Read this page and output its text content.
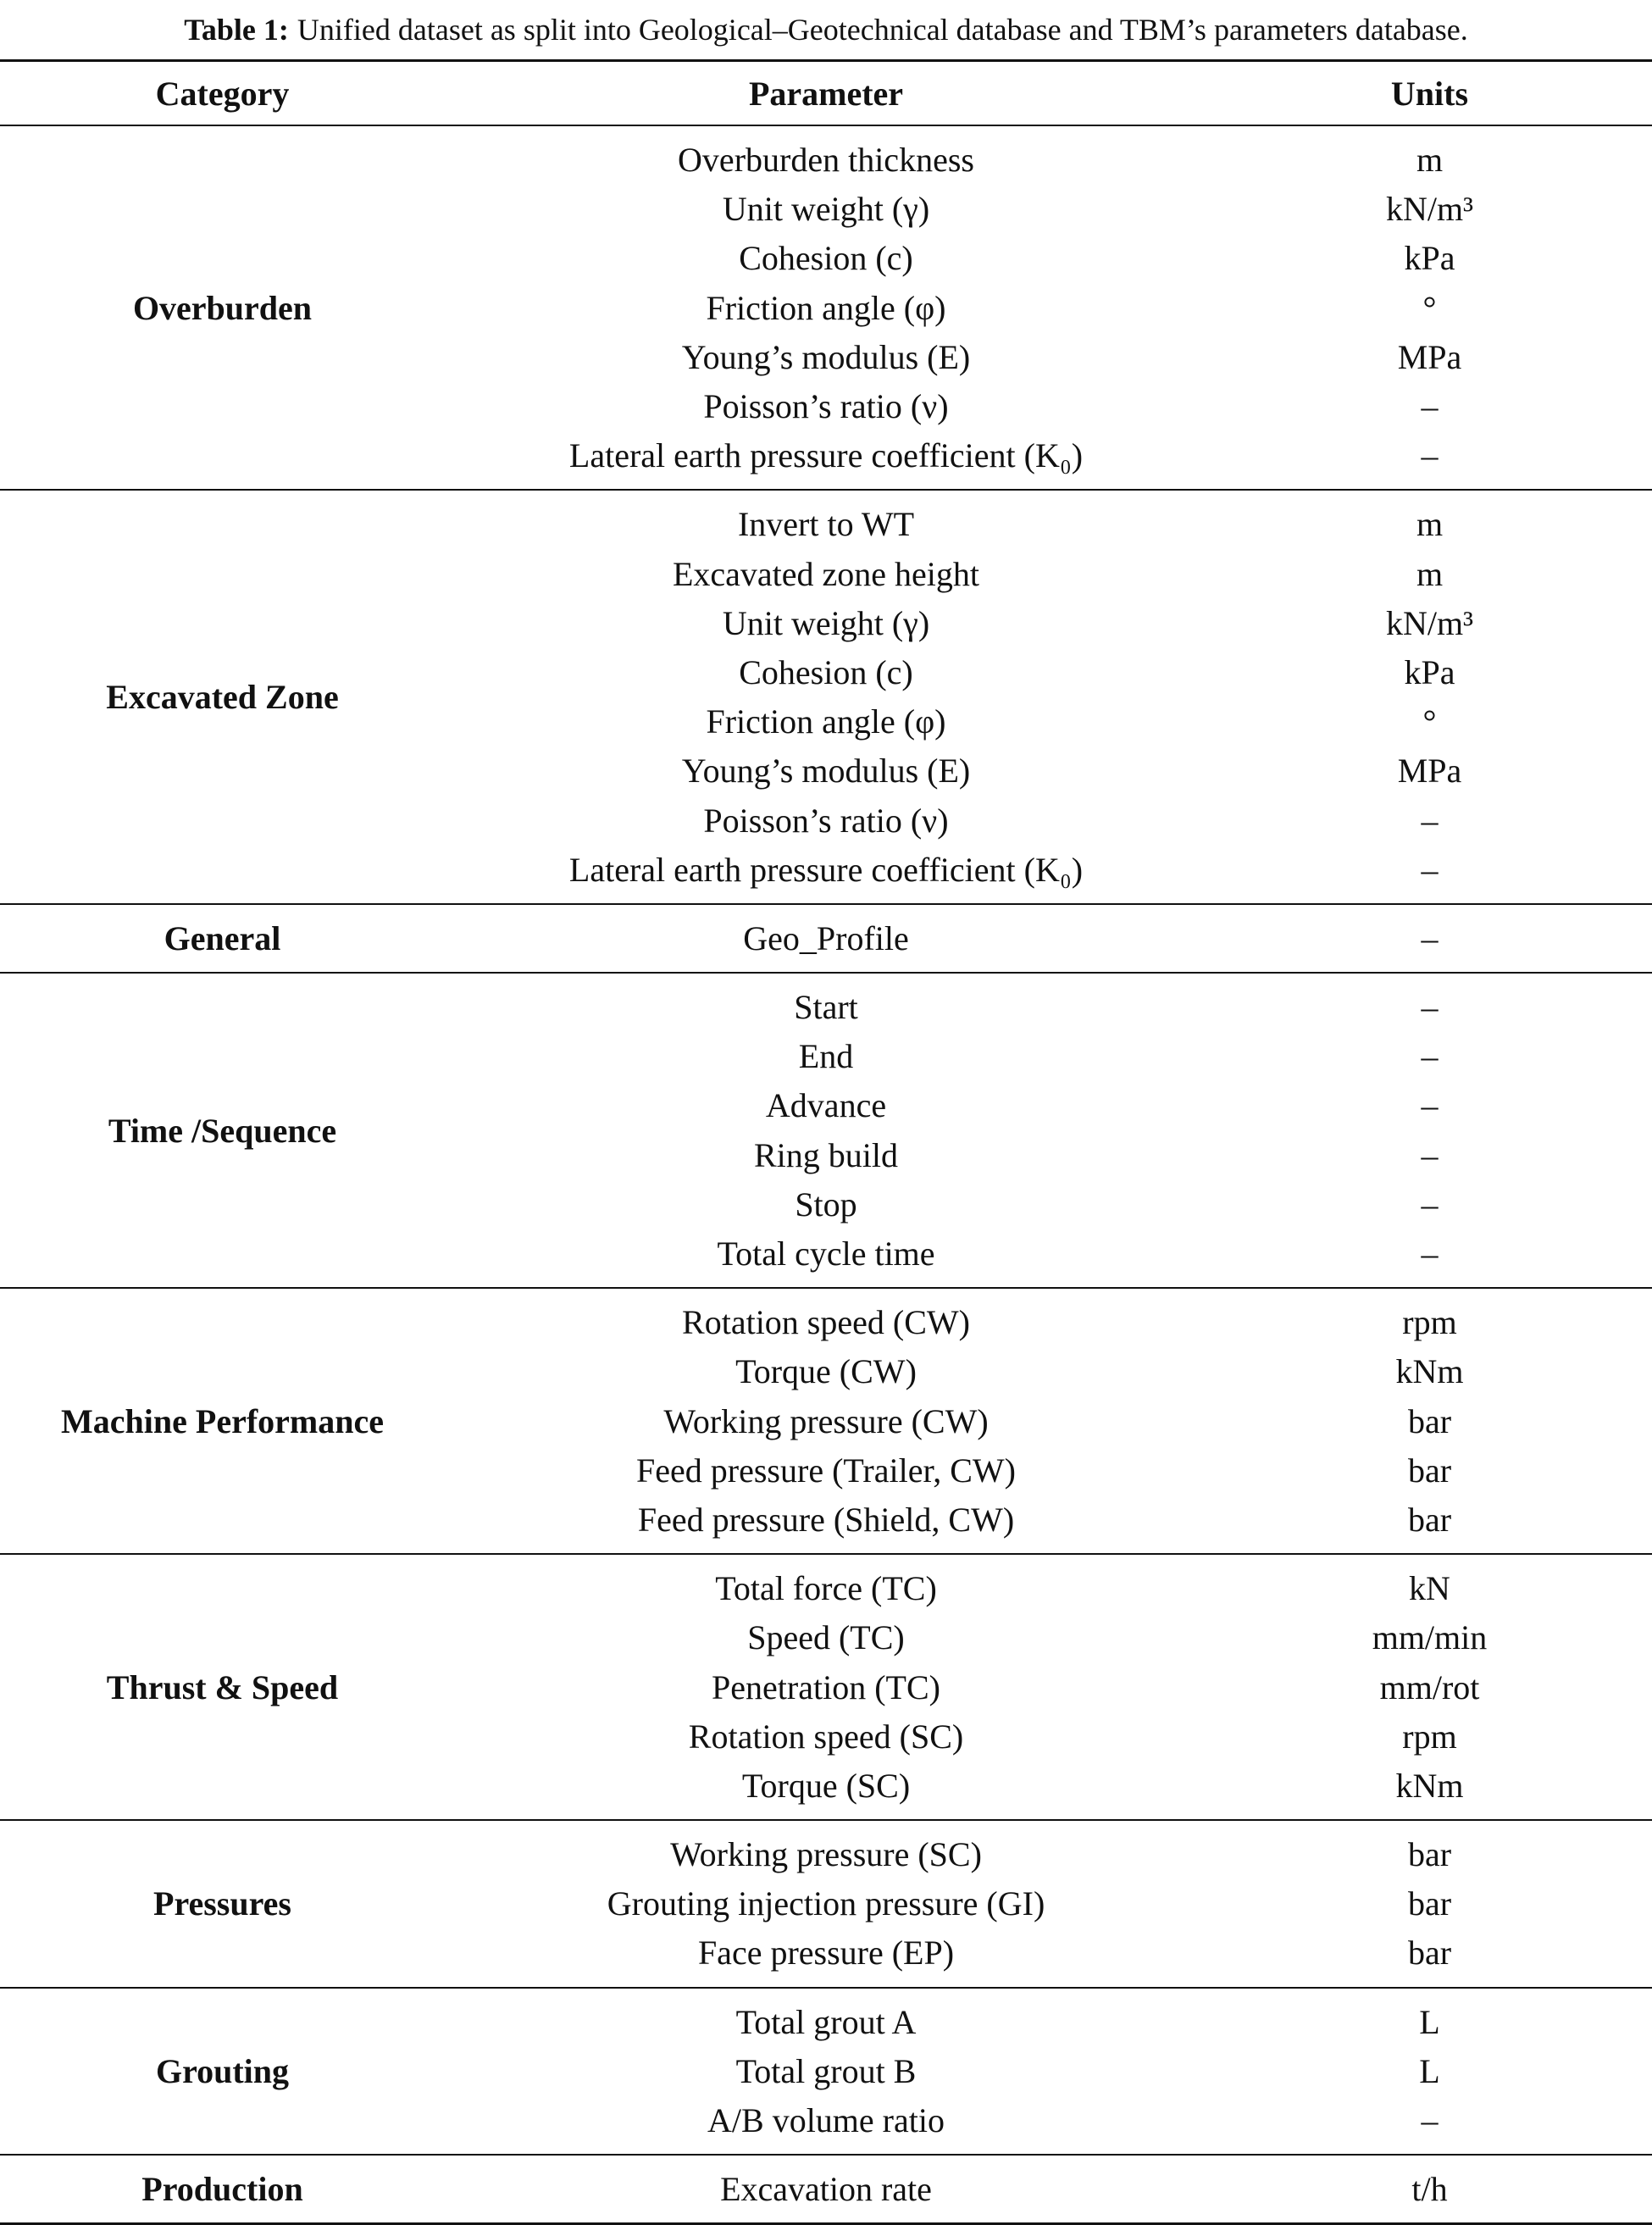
Table 1: Unified dataset as split into Geological–Geotechnical database and TBM’s parameters database.
Category	Parameter	Units
Overburden
Overburden thickness	m
Unit weight (γ)	kN/m³
Cohesion (c)	kPa
Friction angle (φ)	°
Young’s modulus (E)	MPa
Poisson’s ratio (ν)	–
Lateral earth pressure coefficient (K₀)	–
Excavated Zone
Invert to WT	m
Excavated zone height	m
Unit weight (γ)	kN/m³
Cohesion (c)	kPa
Friction angle (φ)	°
Young’s modulus (E)	MPa
Poisson’s ratio (ν)	–
Lateral earth pressure coefficient (K₀)	–
General	Geo_Profile	–
Time /Sequence
Start	–
End	–
Advance	–
Ring build	–
Stop	–
Total cycle time	–
Machine Performance
Rotation speed (CW)	rpm
Torque (CW)	kNm
Working pressure (CW)	bar
Feed pressure (Trailer, CW)	bar
Feed pressure (Shield, CW)	bar
Thrust & Speed
Total force (TC)	kN
Speed (TC)	mm/min
Penetration (TC)	mm/rot
Rotation speed (SC)	rpm
Torque (SC)	kNm
Pressures
Working pressure (SC)	bar
Grouting injection pressure (GI)	bar
Face pressure (EP)	bar
Grouting
Total grout A	L
Total grout B	L
A/B volume ratio	–
Production	Excavation rate	t/h
